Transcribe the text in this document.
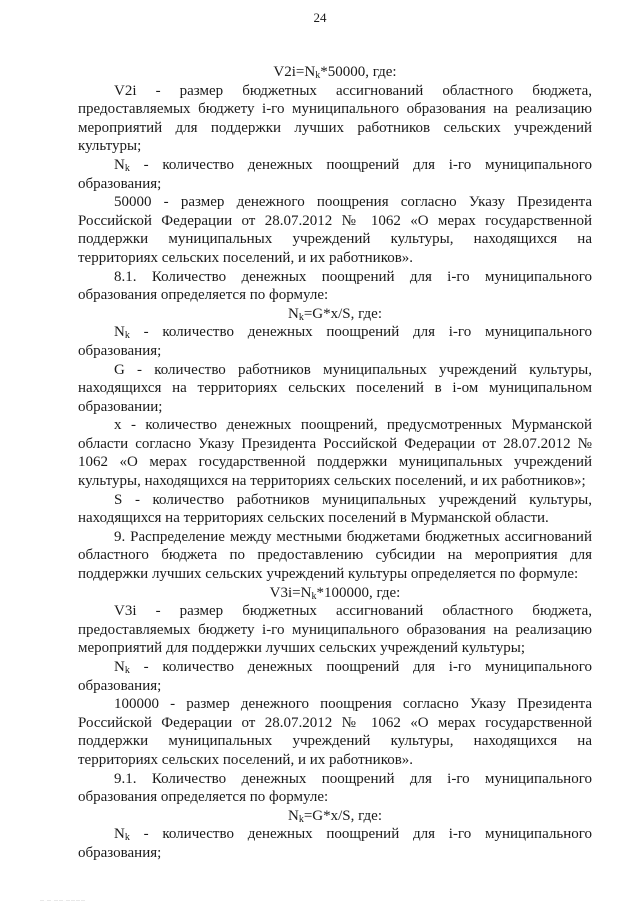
24

$V2i=N_k*50000$, где:

V2i - размер бюджетных ассигнований областного бюджета, предоставляемых бюджету i-го муниципального образования на реализацию мероприятий для поддержки лучших работников сельских учреждений культуры;

$N_k$ - количество денежных поощрений для i-го муниципального образования;

50000 - размер денежного поощрения согласно Указу Президента Российской Федерации от 28.07.2012 № 1062 «О мерах государственной поддержки муниципальных учреждений культуры, находящихся на территориях сельских поселений, и их работников».

8.1. Количество денежных поощрений для i-го муниципального образования определяется по формуле:

$N_k=G*x/S$, где:

$N_k$ - количество денежных поощрений для i-го муниципального образования;

G - количество работников муниципальных учреждений культуры, находящихся на территориях сельских поселений в i-ом муниципальном образовании;

x - количество денежных поощрений, предусмотренных Мурманской области согласно Указу Президента Российской Федерации от 28.07.2012 № 1062 «О мерах государственной поддержки муниципальных учреждений культуры, находящихся на территориях сельских поселений, и их работников»;

S - количество работников муниципальных учреждений культуры, находящихся на территориях сельских поселений в Мурманской области.

9. Распределение между местными бюджетами бюджетных ассигнований областного бюджета по предоставлению субсидии на мероприятия для поддержки лучших сельских учреждений культуры определяется по формуле:

$V3i=N_k*100000$, где:

V3i - размер бюджетных ассигнований областного бюджета, предоставляемых бюджету i-го муниципального образования на реализацию мероприятий для поддержки лучших сельских учреждений культуры;

$N_k$ - количество денежных поощрений для i-го муниципального образования;

100000 - размер денежного поощрения согласно Указу Президента Российской Федерации от 28.07.2012 № 1062 «О мерах государственной поддержки муниципальных учреждений культуры, находящихся на территориях сельских поселений, и их работников».

9.1. Количество денежных поощрений для i-го муниципального образования определяется по формуле:

$N_k=G*x/S$, где:

$N_k$ - количество денежных поощрений для i-го муниципального образования;

— — —— ————
